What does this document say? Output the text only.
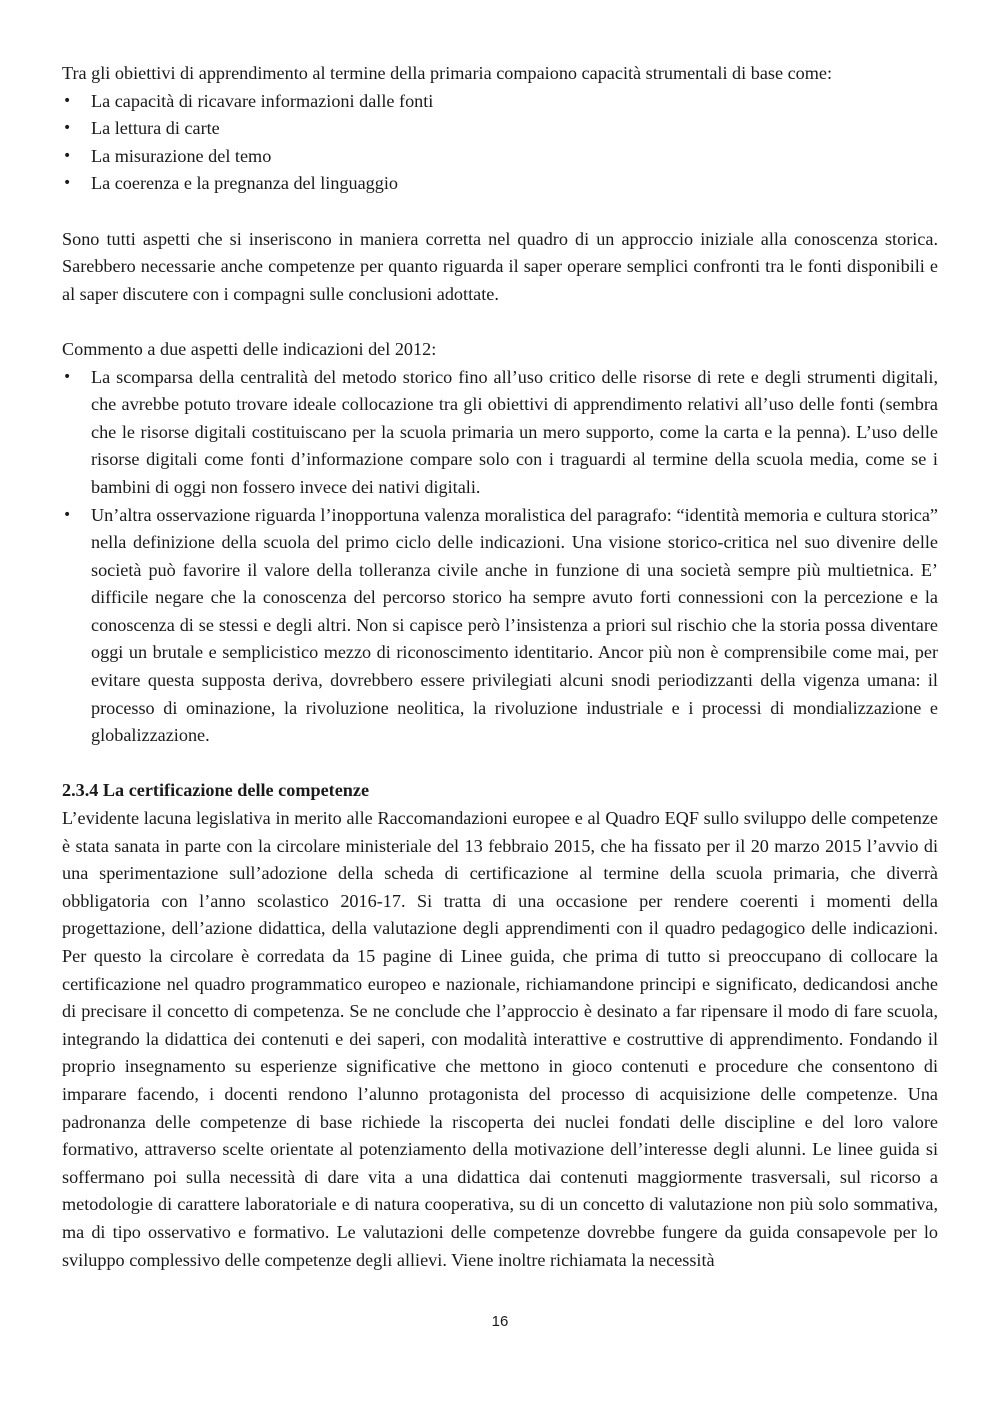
Tra gli obiettivi di apprendimento al termine della primaria compaiono capacità strumentali di base come:

• La capacità di ricavare informazioni dalle fonti
• La lettura di carte
• La misurazione del temo
• La coerenza e la pregnanza del linguaggio

Sono tutti aspetti che si inseriscono in maniera corretta nel quadro di un approccio iniziale alla conoscenza storica. Sarebbero necessarie anche competenze per quanto riguarda il saper operare semplici confronti tra le fonti disponibili e al saper discutere con i compagni sulle conclusioni adottate.

Commento a due aspetti delle indicazioni del 2012:

• La scomparsa della centralità del metodo storico fino all’uso critico delle risorse di rete e degli strumenti digitali, che avrebbe potuto trovare ideale collocazione tra gli obiettivi di apprendimento relativi all’uso delle fonti (sembra che le risorse digitali costituiscano per la scuola primaria un mero supporto, come la carta e la penna). L’uso delle risorse digitali come fonti d’informazione compare solo con i traguardi al termine della scuola media, come se i bambini di oggi non fossero invece dei nativi digitali.
• Un’altra osservazione riguarda l’inopportuna valenza moralistica del paragrafo: “identità memoria e cultura storica” nella definizione della scuola del primo ciclo delle indicazioni. Una visione storico-critica nel suo divenire delle società può favorire il valore della tolleranza civile anche in funzione di una società sempre più multietnica. E’ difficile negare che la conoscenza del percorso storico ha sempre avuto forti connessioni con la percezione e la conoscenza di se stessi e degli altri. Non si capisce però l’insistenza a priori sul rischio che la storia possa diventare oggi un brutale e semplicistico mezzo di riconoscimento identitario. Ancor più non è comprensibile come mai, per evitare questa supposta deriva, dovrebbero essere privilegiati alcuni snodi periodizzanti della vigenza umana: il processo di ominazione, la rivoluzione neolitica, la rivoluzione industriale e i processi di mondializzazione e globalizzazione.
2.3.4 La certificazione delle competenze

L’evidente lacuna legislativa in merito alle Raccomandazioni europee e al Quadro EQF sullo sviluppo delle competenze è stata sanata in parte con la circolare ministeriale del 13 febbraio 2015, che ha fissato per il 20 marzo 2015 l’avvio di una sperimentazione sull’adozione della scheda di certificazione al termine della scuola primaria, che diverrà obbligatoria con l’anno scolastico 2016-17. Si tratta di una occasione per rendere coerenti i momenti della progettazione, dell’azione didattica, della valutazione degli apprendimenti con il quadro pedagogico delle indicazioni. Per questo la circolare è corredata da 15 pagine di Linee guida, che prima di tutto si preoccupano di collocare la certificazione nel quadro programmatico europeo e nazionale, richiamandone principi e significato, dedicandosi anche di precisare il concetto di competenza. Se ne conclude che l’approccio è desinato a far ripensare il modo di fare scuola, integrando la didattica dei contenuti e dei saperi, con modalità interattive e costruttive di apprendimento. Fondando il proprio insegnamento su esperienze significative che mettono in gioco contenuti e procedure che consentono di imparare facendo, i docenti rendono l’alunno protagonista del processo di acquisizione delle competenze. Una padronanza delle competenze di base richiede la riscoperta dei nuclei fondati delle discipline e del loro valore formativo, attraverso scelte orientate al potenziamento della motivazione dell’interesse degli alunni. Le linee guida si soffermano poi sulla necessità di dare vita a una didattica dai contenuti maggiormente trasversali, sul ricorso a metodologie di carattere laboratoriale e di natura cooperativa, su di un concetto di valutazione non più solo sommativa, ma di tipo osservativo e formativo. Le valutazioni delle competenze dovrebbe fungere da guida consapevole per lo sviluppo complessivo delle competenze degli allievi. Viene inoltre richiamata la necessità

16
